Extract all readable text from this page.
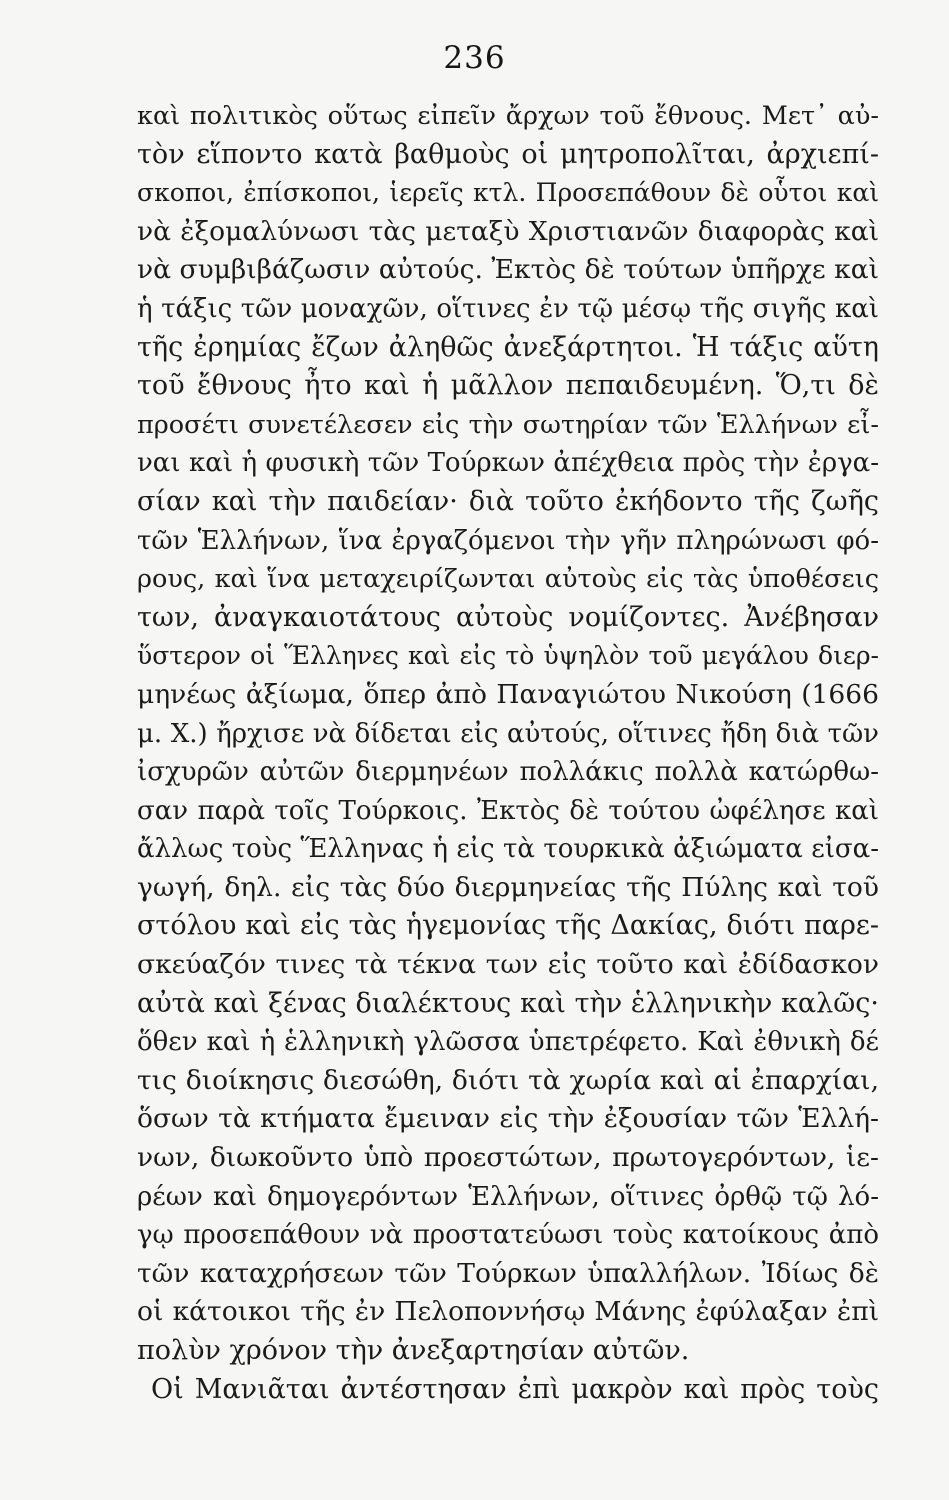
236
καὶ πολιτικὸς οὕτως εἰπεῖν ἄρχων τοῦ ἔθνους. Μετ᾽ αὐ-
τὸν εἵποντο κατὰ βαθμοὺς οἱ μητροπολῖται, ἀρχιεπί-
σκοποι, ἐπίσκοποι, ἱερεῖς κτλ. Προσεπάθουν δὲ οὗτοι καὶ
νὰ ἐξομαλύνωσι τὰς μεταξὺ Χριστιανῶν διαφορὰς καὶ
νὰ συμβιβάζωσιν αὐτούς. Ἐκτὸς δὲ τούτων ὑπῆρχε καὶ
ἡ τάξις τῶν μοναχῶν, οἵτινες ἐν τῷ μέσῳ τῆς σιγῆς καὶ
τῆς ἐρημίας ἔζων ἀληθῶς ἀνεξάρτητοι. Ἡ τάξις αὕτη
τοῦ ἔθνους ἦτο καὶ ἡ μᾶλλον πεπαιδευμένη. Ὅ,τι δὲ
προσέτι συνετέλεσεν εἰς τὴν σωτηρίαν τῶν Ἑλλήνων εἶ-
ναι καὶ ἡ φυσικὴ τῶν Τούρκων ἀπέχθεια πρὸς τὴν ἐργα-
σίαν καὶ τὴν παιδείαν· διὰ τοῦτο ἐκήδοντο τῆς ζωῆς
τῶν Ἑλλήνων, ἵνα ἐργαζόμενοι τὴν γῆν πληρώνωσι φό-
ρους, καὶ ἵνα μεταχειρίζωνται αὐτοὺς εἰς τὰς ὑποθέσεις
των, ἀναγκαιοτάτους αὐτοὺς νομίζοντες. Ἀνέβησαν
ὕστερον οἱ Ἕλληνες καὶ εἰς τὸ ὑψηλὸν τοῦ μεγάλου διερ-
μηνέως ἀξίωμα, ὅπερ ἀπὸ Παναγιώτου Νικούση (1666
μ. Χ.) ἤρχισε νὰ δίδεται εἰς αὐτούς, οἵτινες ἤδη διὰ τῶν
ἰσχυρῶν αὐτῶν διερμηνέων πολλάκις πολλὰ κατώρθω-
σαν παρὰ τοῖς Τούρκοις. Ἐκτὸς δὲ τούτου ὠφέλησε καὶ
ἄλλως τοὺς Ἕλληνας ἡ εἰς τὰ τουρκικὰ ἀξιώματα εἰσα-
γωγή, δηλ. εἰς τὰς δύο διερμηνείας τῆς Πύλης καὶ τοῦ
στόλου καὶ εἰς τὰς ἡγεμονίας τῆς Δακίας, διότι παρε-
σκεύαζόν τινες τὰ τέκνα των εἰς τοῦτο καὶ ἐδίδασκον
αὐτὰ καὶ ξένας διαλέκτους καὶ τὴν ἑλληνικὴν καλῶς·
ὅθεν καὶ ἡ ἑλληνικὴ γλῶσσα ὑπετρέφετο. Καὶ ἐθνικὴ δέ
τις διοίκησις διεσώθη, διότι τὰ χωρία καὶ αἱ ἐπαρχίαι,
ὅσων τὰ κτήματα ἔμειναν εἰς τὴν ἐξουσίαν τῶν Ἑλλή-
νων, διωκοῦντο ὑπὸ προεστώτων, πρωτογερόντων, ἱε-
ρέων καὶ δημογερόντων Ἑλλήνων, οἵτινες ὀρθῷ τῷ λό-
γῳ προσεπάθουν νὰ προστατεύωσι τοὺς κατοίκους ἀπὸ
τῶν καταχρήσεων τῶν Τούρκων ὑπαλλήλων. Ἰδίως δὲ
οἱ κάτοικοι τῆς ἐν Πελοποννήσῳ Μάνης ἐφύλαξαν ἐπὶ
πολὺν χρόνον τὴν ἀνεξαρτησίαν αὐτῶν.
Οἱ Μανιᾶται ἀντέστησαν ἐπὶ μακρὸν καὶ πρὸς τοὺς
